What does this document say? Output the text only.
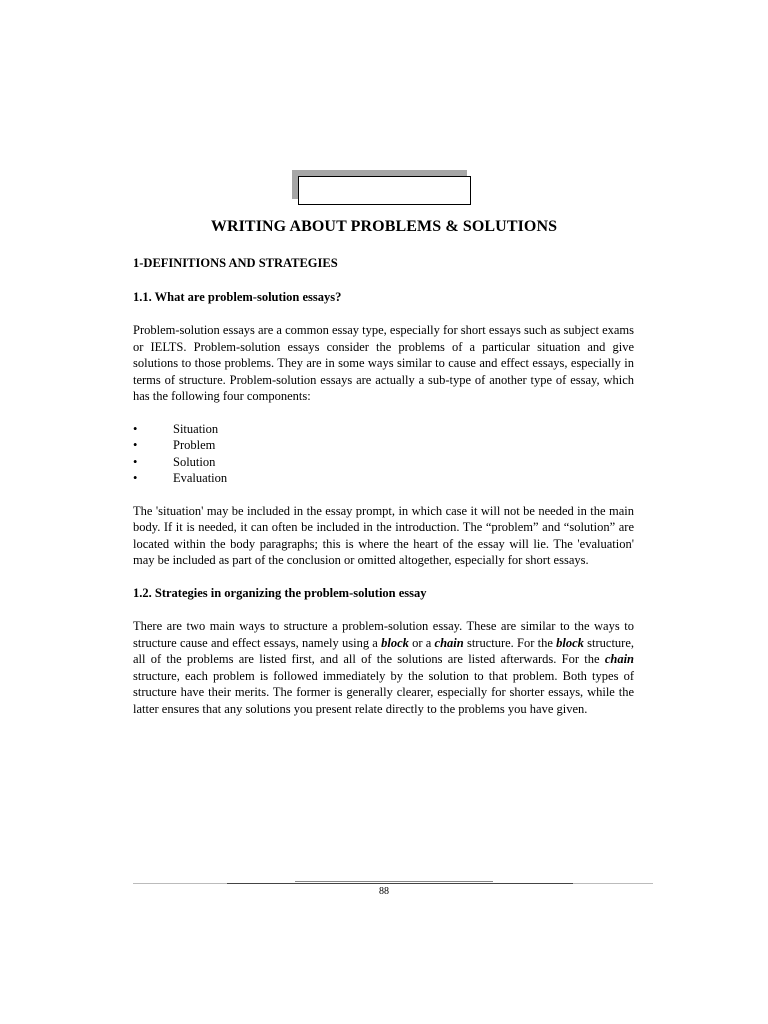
WRITING ABOUT PROBLEMS & SOLUTIONS

1-DEFINITIONS AND STRATEGIES

1.1. What are problem-solution essays?

Problem-solution essays are a common essay type, especially for short essays such as subject exams or IELTS. Problem-solution essays consider the problems of a particular situation and give solutions to those problems. They are in some ways similar to cause and effect essays, especially in terms of structure. Problem-solution essays are actually a sub-type of another type of essay, which has the following four components:

•	Situation
•	Problem
•	Solution
•	Evaluation

The 'situation' may be included in the essay prompt, in which case it will not be needed in the main body. If it is needed, it can often be included in the introduction. The “problem” and “solution” are located within the body paragraphs; this is where the heart of the essay will lie. The 'evaluation' may be included as part of the conclusion or omitted altogether, especially for short essays.

1.2. Strategies in organizing the problem-solution essay

There are two main ways to structure a problem-solution essay. These are similar to the ways to structure cause and effect essays, namely using a block or a chain structure. For the block structure, all of the problems are listed first, and all of the solutions are listed afterwards. For the chain structure, each problem is followed immediately by the solution to that problem. Both types of structure have their merits. The former is generally clearer, especially for shorter essays, while the latter ensures that any solutions you present relate directly to the problems you have given.

88
